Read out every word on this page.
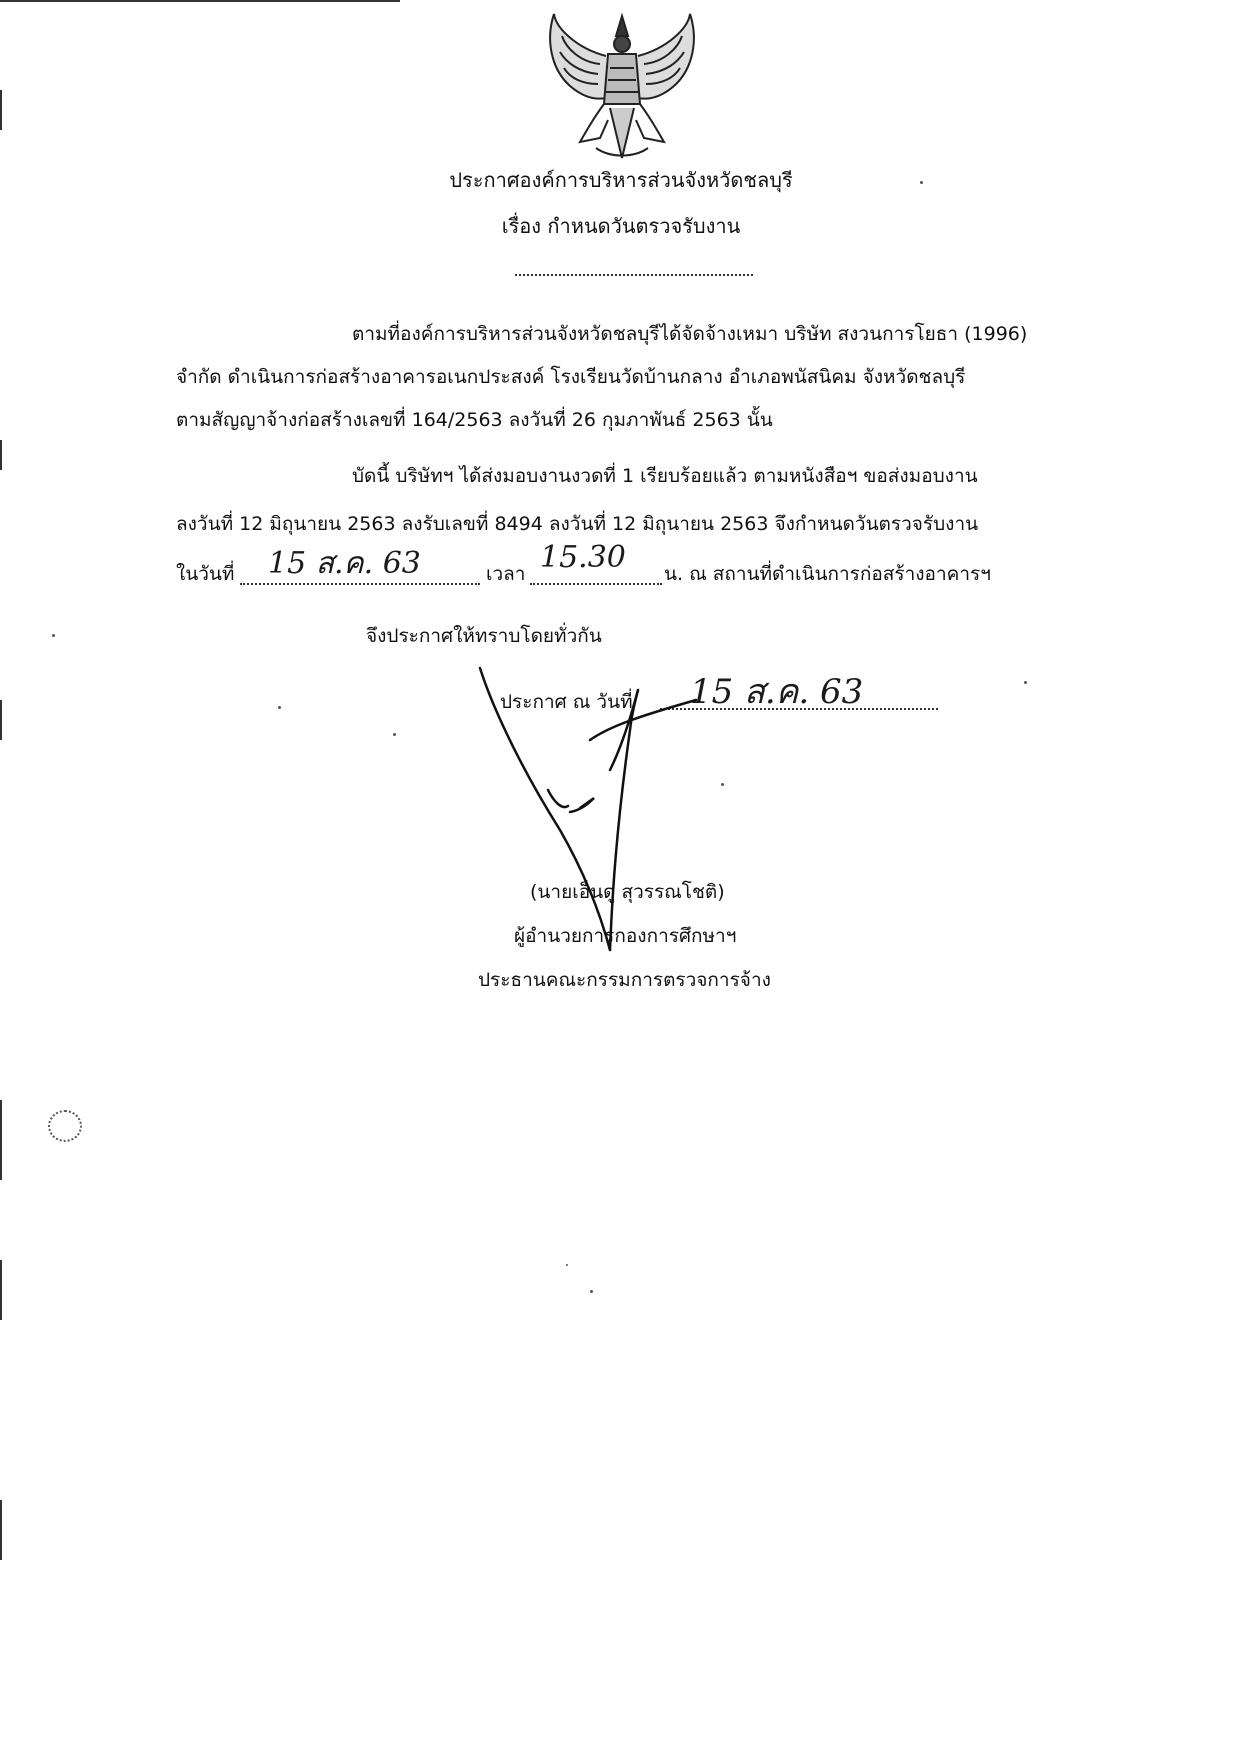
ประกาศองค์การบริหารส่วนจังหวัดชลบุรี
เรื่อง กำหนดวันตรวจรับงาน
ตามที่องค์การบริหารส่วนจังหวัดชลบุรีได้จัดจ้างเหมา บริษัท สงวนการโยธา (1996)
จำกัด ดำเนินการก่อสร้างอาคารอเนกประสงค์ โรงเรียนวัดบ้านกลาง อำเภอพนัสนิคม จังหวัดชลบุรี
ตามสัญญาจ้างก่อสร้างเลขที่ 164/2563 ลงวันที่ 26 กุมภาพันธ์ 2563 นั้น
บัดนี้ บริษัทฯ ได้ส่งมอบงานงวดที่ 1 เรียบร้อยแล้ว ตามหนังสือฯ ขอส่งมอบงาน
ลงวันที่ 12 มิถุนายน 2563 ลงรับเลขที่ 8494 ลงวันที่ 12 มิถุนายน 2563 จึงกำหนดวันตรวจรับงาน
ในวันที่ 15 ส.ค. 63	เวลา 15.30 น. ณ สถานที่ดำเนินการก่อสร้างอาคารฯ
จึงประกาศให้ทราบโดยทั่วกัน
ประกาศ ณ วันที่ 15 ส.ค. 63
(นายเอ็นดู สุวรรณโชติ)
ผู้อำนวยการกองการศึกษาฯ
ประธานคณะกรรมการตรวจการจ้าง
